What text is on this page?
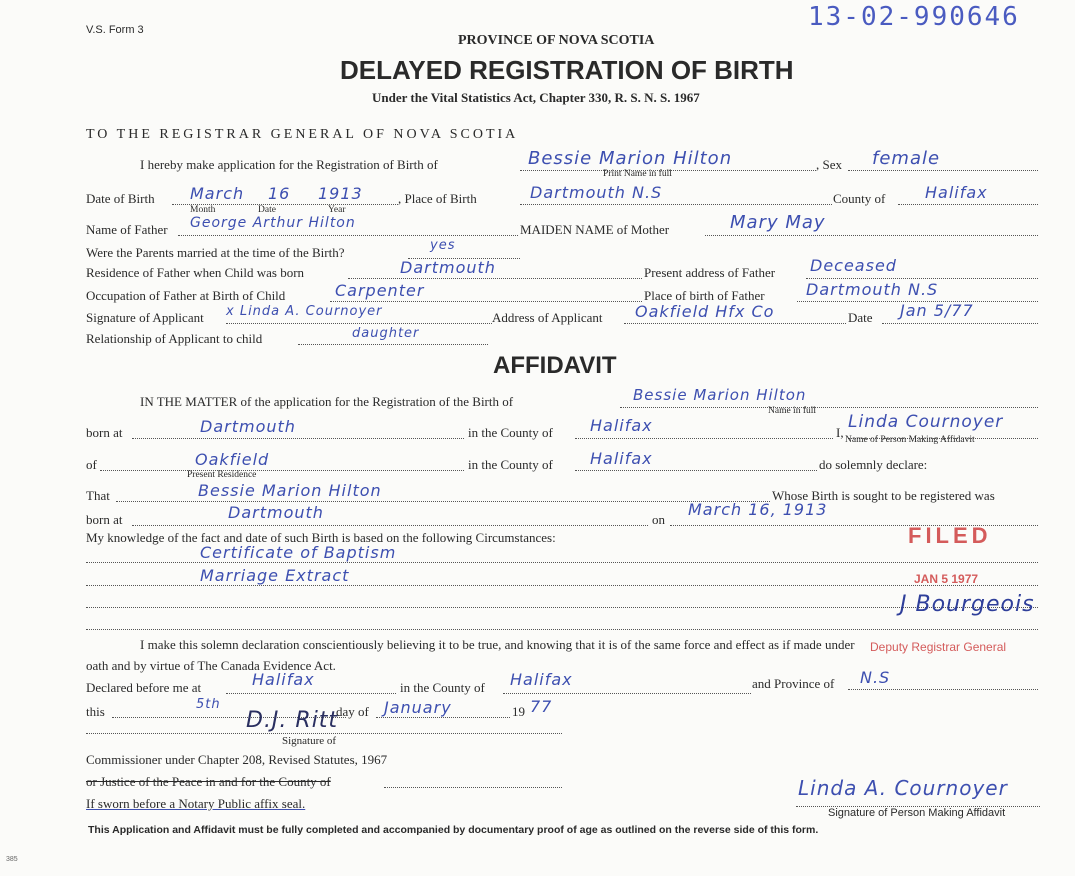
V.S. Form 3	13-02-990646
PROVINCE OF NOVA SCOTIA
DELAYED REGISTRATION OF BIRTH
Under the Vital Statistics Act, Chapter 330, R. S. N. S. 1967
TO THE REGISTRAR GENERAL OF NOVA SCOTIA
I hereby make application for the Registration of Birth of	Bessie Marion Hilton
Print Name in full
, Sex female
Date of Birth March 16 1913
Month	Date	Year
, Place of Birth	Dartmouth N.S	County of Halifax
Name of Father George Arthur Hilton	MAIDEN NAME of Mother	Mary May
Were the Parents married at the time of the Birth?	yes
Residence of Father when Child was born	Dartmouth	Present address of Father Deceased
Occupation of Father at Birth of Child	Carpenter	Place of birth of Father	Dartmouth N.S
Signature of Applicant x Linda A. Cournoyer	Address of Applicant Oakfield Hfx Co	Date Jan 5/77
Relationship of Applicant to child	daughter
AFFIDAVIT
IN THE MATTER of the application for the Registration of the Birth of	Bessie Marion Hilton
Name in full
born at	Dartmouth	in the County of Halifax	I,
Linda Cournoyer
Name of Person Making Affidavit
of	Oakfield
Present Residence
in the County of Halifax	do solemnly declare:
That	Bessie Marion Hilton	Whose Birth is sought to be registered was
born at	Dartmouth	on
March 16, 1913
My knowledge of the fact and date of such Birth is based on the following Circumstances:
Certificate of Baptism
Marriage Extract
FILED
JAN 5 1977
J Bourgeois
Deputy Registrar General
I make this solemn declaration conscientiously believing it to be true, and knowing that it is of the same force and effect as if made under
oath and by virtue of The Canada Evidence Act.
Declared before me at	Halifax	in the County of Halifax	and Province of N.S
this	5th	day of January	19 77
D.J. Ritt
Signature of
Commissioner under Chapter 208, Revised Statutes, 1967
or Justice of the Peace in and for the County of
If sworn before a Notary Public affix seal.
Linda A. Cournoyer
Signature of Person Making Affidavit
This Application and Affidavit must be fully completed and accompanied by documentary proof of age as outlined on the reverse side of this form.
385
